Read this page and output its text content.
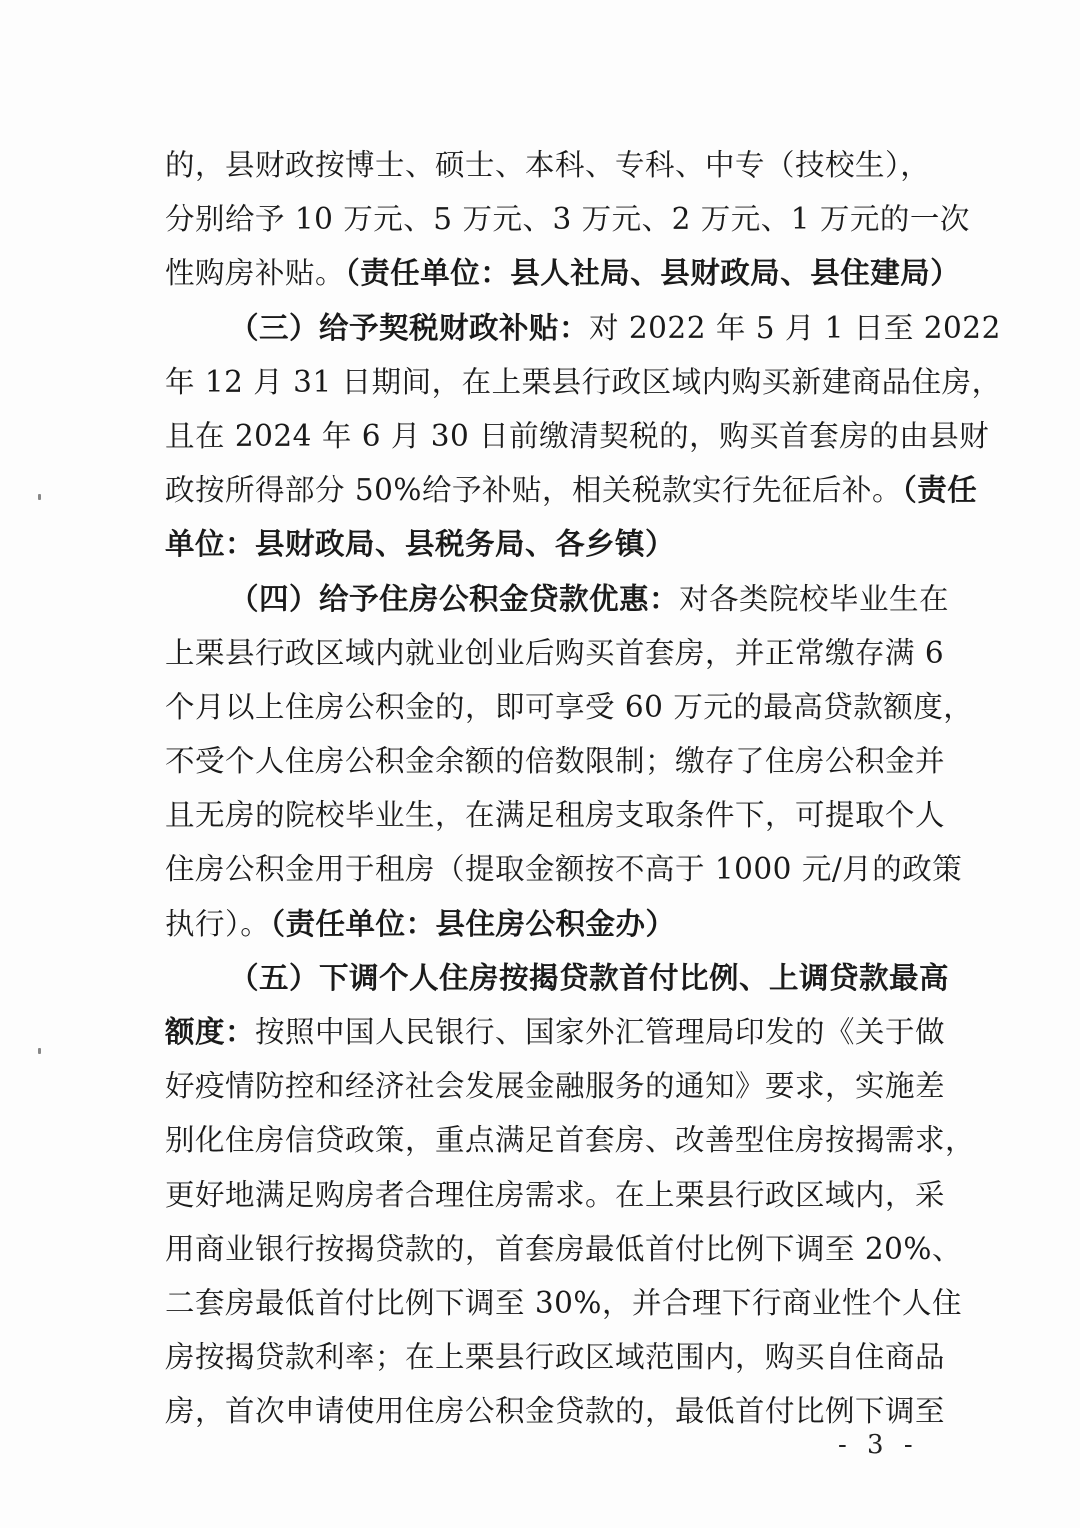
的，县财政按博士、硕士、本科、专科、中专（技校生），
分别给予 10 万元、5 万元、3 万元、2 万元、1 万元的一次
性购房补贴。（责任单位：县人社局、县财政局、县住建局）
（三）给予契税财政补贴：对 2022 年 5 月 1 日至 2022
年 12 月 31 日期间，在上栗县行政区域内购买新建商品住房，
且在 2024 年 6 月 30 日前缴清契税的，购买首套房的由县财
政按所得部分 50%给予补贴，相关税款实行先征后补。（责任
单位：县财政局、县税务局、各乡镇）
（四）给予住房公积金贷款优惠：对各类院校毕业生在
上栗县行政区域内就业创业后购买首套房，并正常缴存满 6
个月以上住房公积金的，即可享受 60 万元的最高贷款额度，
不受个人住房公积金余额的倍数限制；缴存了住房公积金并
且无房的院校毕业生，在满足租房支取条件下，可提取个人
住房公积金用于租房（提取金额按不高于 1000 元/月的政策
执行）。（责任单位：县住房公积金办）
（五）下调个人住房按揭贷款首付比例、上调贷款最高
额度：按照中国人民银行、国家外汇管理局印发的《关于做
好疫情防控和经济社会发展金融服务的通知》要求，实施差
别化住房信贷政策，重点满足首套房、改善型住房按揭需求，
更好地满足购房者合理住房需求。在上栗县行政区域内，采
用商业银行按揭贷款的，首套房最低首付比例下调至 20%、
二套房最低首付比例下调至 30%，并合理下行商业性个人住
房按揭贷款利率；在上栗县行政区域范围内，购买自住商品
房，首次申请使用住房公积金贷款的，最低首付比例下调至
- 3 -
